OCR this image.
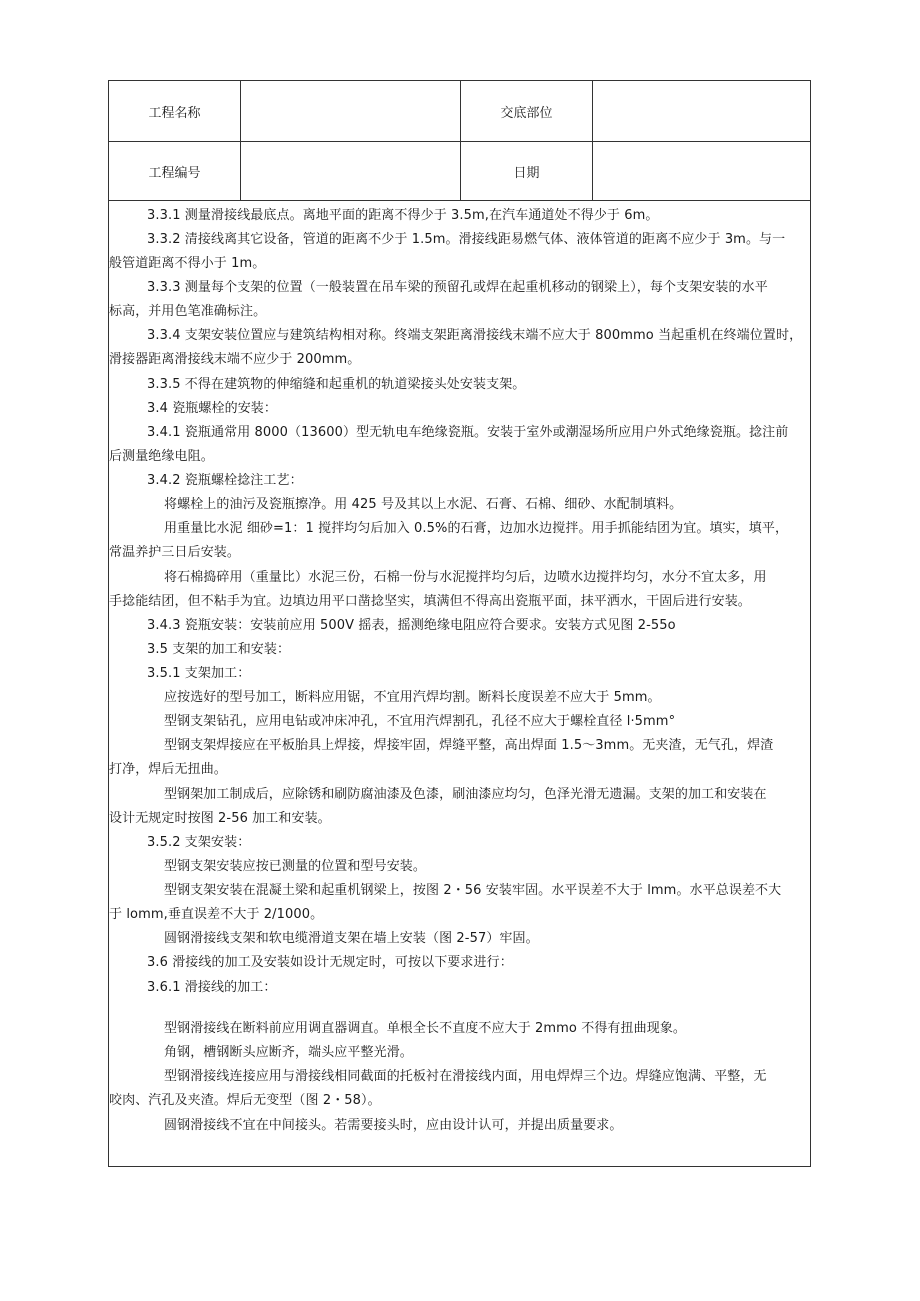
工程名称	交底部位
工程编号	日期
3.3.1 测量滑接线最底点。离地平面的距离不得少于 3.5m,在汽车通道处不得少于 6m。
3.3.2 清接线离其它设备，管道的距离不少于 1.5m。滑接线距易燃气体、液体管道的距离不应少于 3m。与一
般管道距离不得小于 1m。
3.3.3 测量每个支架的位置（一般装置在吊车梁的预留孔或焊在起重机移动的钢梁上），每个支架安装的水平
标高，并用色笔准确标注。
3.3.4 支架安装位置应与建筑结构相对称。终端支架距离滑接线末端不应大于 800mmo 当起重机在终端位置时，
滑接器距离滑接线末端不应少于 200mm。
3.3.5 不得在建筑物的伸缩缝和起重机的轨道梁接头处安装支架。
3.4 瓷瓶螺栓的安装：
3.4.1 瓷瓶通常用 8000（13600）型无轨电车绝缘瓷瓶。安装于室外或潮湿场所应用户外式绝缘瓷瓶。捻注前
后测量绝缘电阻。
3.4.2 瓷瓶螺栓捻注工艺：
将螺栓上的油污及瓷瓶擦净。用 425 号及其以上水泥、石膏、石棉、细砂、水配制填料。
用重量比水泥 细砂=1：1 搅拌均匀后加入 0.5%的石膏，边加水边搅拌。用手抓能结团为宜。填实，填平，
常温养护三日后安装。
将石棉捣碎用（重量比）水泥三份，石棉一份与水泥搅拌均匀后，边喷水边搅拌均匀，水分不宜太多，用
手捻能结团，但不粘手为宜。边填边用平口凿捻坚实，填满但不得高出瓷瓶平面，抹平洒水，干固后进行安装。
3.4.3 瓷瓶安装：安装前应用 500V 摇表，摇测绝缘电阻应符合要求。安装方式见图 2-55o
3.5 支架的加工和安装：
3.5.1 支架加工：
应按选好的型号加工，断料应用锯，不宜用汽焊均割。断料长度误差不应大于 5mm。
型钢支架钻孔，应用电钻或冲床冲孔，不宜用汽焊割孔，孔径不应大于螺栓直径 l·5mm°
型钢支架焊接应在平板胎具上焊接，焊接牢固，焊缝平整，高出焊面 1.5～3mm。无夹渣，无气孔，焊渣
打净，焊后无扭曲。
型钢架加工制成后，应除锈和刷防腐油漆及色漆，刷油漆应均匀，色泽光滑无遗漏。支架的加工和安装在
设计无规定时按图 2-56 加工和安装。
3.5.2 支架安装：
型钢支架安装应按已测量的位置和型号安装。
型钢支架安装在混凝土梁和起重机钢梁上，按图 2・56 安装牢固。水平误差不大于 lmm。水平总误差不大
于 lomm,垂直误差不大于 2/1000。
圆钢滑接线支架和软电缆滑道支架在墙上安装（图 2-57）牢固。
3.6 滑接线的加工及安装如设计无规定时，可按以下要求进行：
3.6.1 滑接线的加工：
型钢滑接线在断料前应用调直器调直。单根全长不直度不应大于 2mmo 不得有扭曲现象。
角钢，槽钢断头应断齐，端头应平整光滑。
型钢滑接线连接应用与滑接线相同截面的托板衬在滑接线内面，用电焊焊三个边。焊缝应饱满、平整，无
咬肉、汽孔及夹渣。焊后无变型（图 2・58）。
圆钢滑接线不宜在中间接头。若需要接头时，应由设计认可，并提出质量要求。
